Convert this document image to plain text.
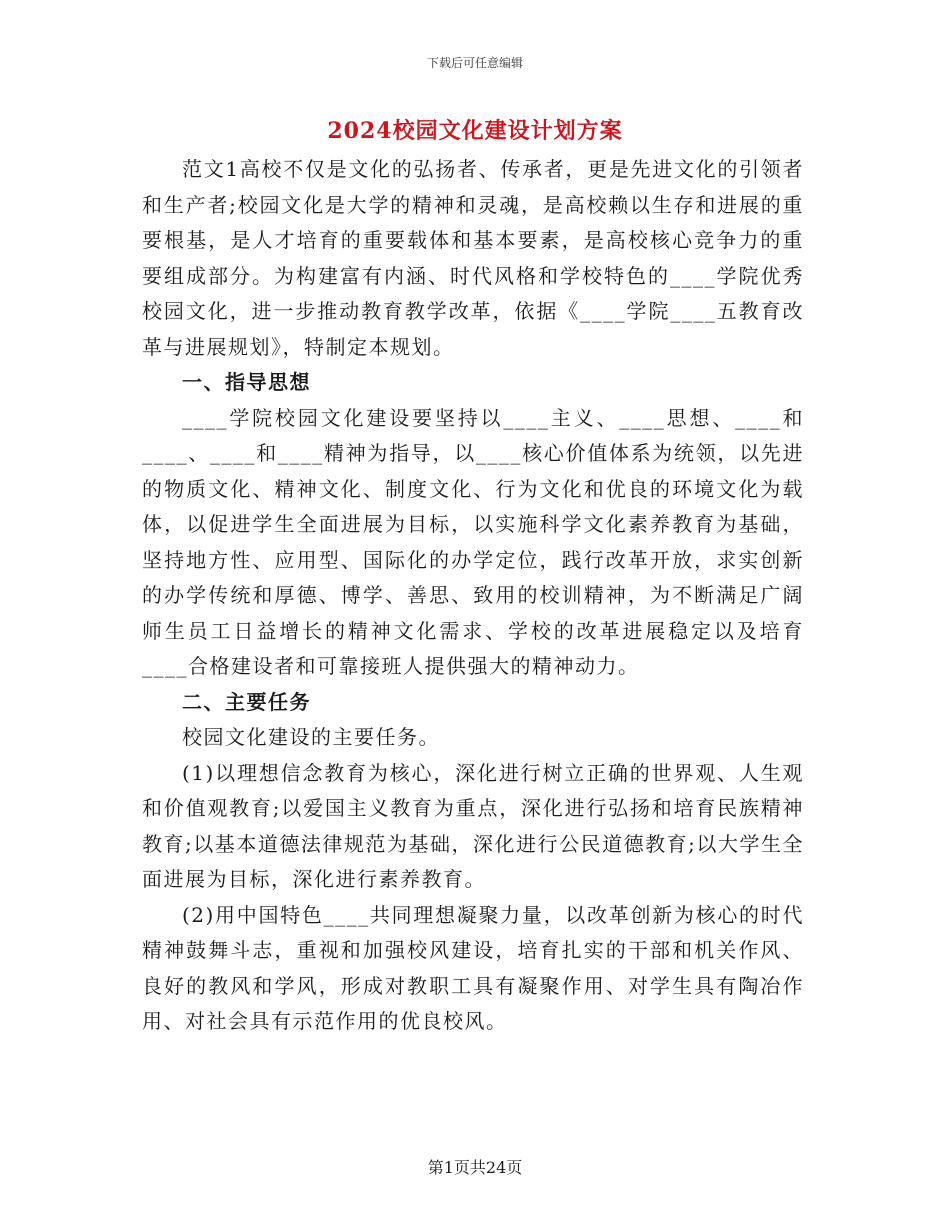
下载后可任意编辑
2024校园文化建设计划方案

范文1高校不仅是文化的弘扬者、传承者，更是先进文化的引领者和生产者;校园文化是大学的精神和灵魂，是高校赖以生存和进展的重要根基，是人才培育的重要载体和基本要素，是高校核心竞争力的重要组成部分。为构建富有内涵、时代风格和学校特色的____学院优秀校园文化，进一步推动教育教学改革，依据《____学院____五教育改革与进展规划》，特制定本规划。

一、指导思想

____学院校园文化建设要坚持以____主义、____思想、____和____、____和____精神为指导，以____核心价值体系为统领，以先进的物质文化、精神文化、制度文化、行为文化和优良的环境文化为载体，以促进学生全面进展为目标，以实施科学文化素养教育为基础，坚持地方性、应用型、国际化的办学定位，践行改革开放，求实创新的办学传统和厚德、博学、善思、致用的校训精神，为不断满足广阔师生员工日益增长的精神文化需求、学校的改革进展稳定以及培育____合格建设者和可靠接班人提供强大的精神动力。

二、主要任务

校园文化建设的主要任务。

(1)以理想信念教育为核心，深化进行树立正确的世界观、人生观和价值观教育;以爱国主义教育为重点，深化进行弘扬和培育民族精神教育;以基本道德法律规范为基础，深化进行公民道德教育;以大学生全面进展为目标，深化进行素养教育。

(2)用中国特色____共同理想凝聚力量，以改革创新为核心的时代精神鼓舞斗志，重视和加强校风建设，培育扎实的干部和机关作风、良好的教风和学风，形成对教职工具有凝聚作用、对学生具有陶冶作用、对社会具有示范作用的优良校风。

第1页共24页
